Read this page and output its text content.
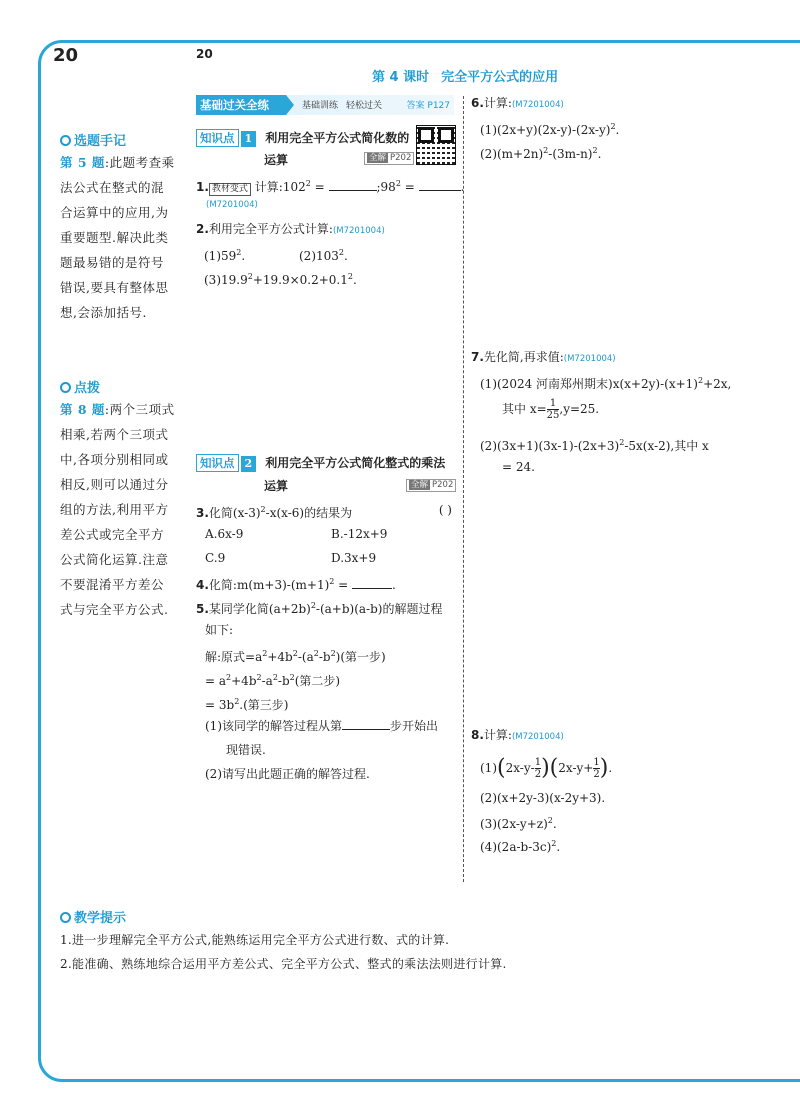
20	20
第 4 课时 完全平方公式的应用
选题手记
第 5 题:此题考查乘
法公式在整式的混
合运算中的应用,为
重要题型.解决此类
题最易错的是符号
错误,要具有整体思
想,会添加括号.
点拨
第 8 题:两个三项式
相乘,若两个三项式
中,各项分别相同或
相反,则可以通过分
组的方法,利用平方
差公式或完全平方
公式简化运算.注意
不要混淆平方差公
式与完全平方公式.
基础过关全练	基础训练 轻松过关	答案 P127
知识点 1 利用完全平方公式简化数的
运算	全解 P202
1. 教材变式 计算$:102^2$ =	$;98^2$ =	.
(M7201004)
2.利用完全平方公式计算:(M7201004)
$(1)59^2$.	$(2)103^2$.
$(3)19.9^2+19.9\times 0.2+0.1^2$.
知识点 2 利用完全平方公式简化整式的乘法
运算	全解 P202
3.化简$(x-3)^2-x(x-6)$的结果为	( )
A.6x-9	B.-12x+9
C.9	D.3x+9
4.化简$:m(m+3)-(m+1)^2$ =	.
5.某同学化简$(a+2b)^2-(a+b)(a-b)$的解题过程
如下:
解:原式$=a^2+4b^2-(a^2-b^2)$(第一步)
= $a^2+4b^2-a^2-b^2$(第二步)
= $3b^2$.(第三步)
(1)该同学的解答过程从第	步开始出
现错误.
(2)请写出此题正确的解答过程.
6.计算:(M7201004)
$(1)(2x+y)(2x-y)-(2x-y)^2$.
$(2)(m+2n)^2-(3m-n)^2$.
7.先化简,再求值:(M7201004)
(1)(2024 河南郑州期末)$x(x+2y)-(x+1)^2+2x$,
其中 $x= \frac{1}{25} ,y=25$.
$(2)(3x+1)(3x-1)-(2x+3)^2-5x(x-2)$,其中 x
= 24.
8.计算:(M7201004)
$(1)(2x-y- \frac{1}{2} )(2x-y+ \frac{1}{2}$ ).
(2)(x+2y-3)(x-2y+3).
$(3)(2x-y+z)^2$.
$(4)(2a-b-3c)^2$.
教学提示
1.进一步理解完全平方公式,能熟练运用完全平方公式进行数、式的计算.
2.能准确、熟练地综合运用平方差公式、完全平方公式、整式的乘法法则进行计算.
